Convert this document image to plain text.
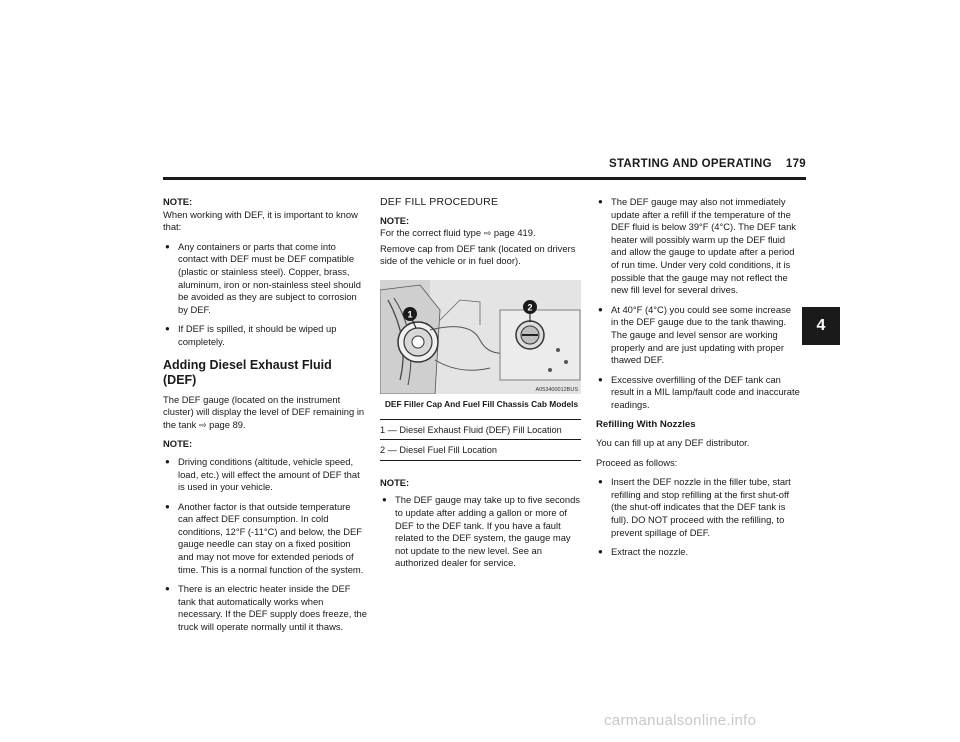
STARTING AND OPERATING 179
4
NOTE:

When working with DEF, it is important to know that:

● Any containers or parts that come into contact with DEF must be DEF compatible (plastic or stainless steel). Copper, brass, aluminum, iron or non-stainless steel should be avoided as they are subject to corrosion by DEF.
● If DEF is spilled, it should be wiped up completely.
Adding Diesel Exhaust Fluid (DEF)

The DEF gauge (located on the instrument cluster) will display the level of DEF remaining in the tank ⇨ page 89.

NOTE:
● Driving conditions (altitude, vehicle speed, load, etc.) will effect the amount of DEF that is used in your vehicle.
● Another factor is that outside temperature can affect DEF consumption. In cold conditions, 12°F (-11°C) and below, the DEF gauge needle can stay on a fixed position and may not move for extended periods of time. This is a normal function of the system.
● There is an electric heater inside the DEF tank that automatically works when necessary. If the DEF supply does freeze, the truck will operate normally until it thaws.
DEF FILL PROCEDURE
NOTE:

For the correct fluid type ⇨ page 419.

Remove cap from DEF tank (located on drivers side of the vehicle or in fuel door).

1
2
A053400012BUS
DEF Filler Cap And Fuel Fill Chassis Cab Models
1 — Diesel Exhaust Fluid (DEF) Fill Location
2 — Diesel Fuel Fill Location
NOTE:
● The DEF gauge may take up to five seconds to update after adding a gallon or more of DEF to the DEF tank. If you have a fault related to the DEF system, the gauge may not update to the new level. See an authorized dealer for service.
● The DEF gauge may also not immediately update after a refill if the temperature of the DEF fluid is below 39°F (4°C). The DEF tank heater will possibly warm up the DEF fluid and allow the gauge to update after a period of run time. Under very cold conditions, it is possible that the gauge may not reflect the new fill level for several drives.
● At 40°F (4°C) you could see some increase in the DEF gauge due to the tank thawing. The gauge and level sensor are working properly and are just updating with proper thawed DEF.
● Excessive overfilling of the DEF tank can result in a MIL lamp/fault code and inaccurate readings.
Refilling With Nozzles

You can fill up at any DEF distributor.

Proceed as follows:

● Insert the DEF nozzle in the filler tube, start refilling and stop refilling at the first shut-off (the shut-off indicates that the DEF tank is full). DO NOT proceed with the refilling, to prevent spillage of DEF.
● Extract the nozzle.
carmanualsonline.info
